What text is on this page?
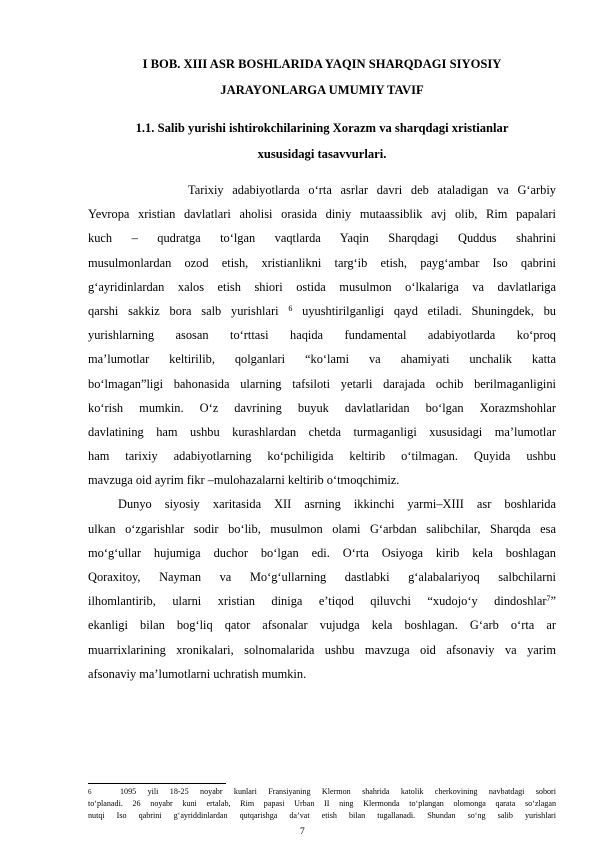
I BOB. XIII ASR BOSHLARIDA YAQIN SHARQDAGI SIYOSIY
JARAYONLARGA UMUMIY TAVIF
1.1. Salib yurishi ishtirokchilarining Xorazm va sharqdagi xristianlar
xususidagi tasavvurlari.
Tarixiy adabiyotlarda o‘rta asrlar davri deb ataladigan va G‘arbiy
Yevropa xristian davlatlari aholisi orasida diniy mutaassiblik avj olib, Rim papalari
kuch – qudratga to‘lgan vaqtlarda Yaqin Sharqdagi Quddus shahrini
musulmonlardan ozod etish, xristianlikni targ‘ib etish, payg‘ambar Iso qabrini
g‘ayridinlardan xalos etish shiori ostida musulmon o‘lkalariga va davlatlariga
qarshi sakkiz bora salb yurishlari $^6$ uyushtirilganligi qayd etiladi. Shuningdek, bu
yurishlarning asosan to‘rttasi haqida fundamental adabiyotlarda ko‘proq
ma’lumotlar keltirilib, qolganlari “ko‘lami va ahamiyati unchalik katta
bo‘lmagan”ligi bahonasida ularning tafsiloti yetarli darajada ochib berilmaganligini
ko‘rish mumkin. O‘z davrining buyuk davlatlaridan bo‘lgan Xorazmshohlar
davlatining ham ushbu kurashlardan chetda turmaganligi xususidagi ma’lumotlar
ham tarixiy adabiyotlarning ko‘pchiligida keltirib o‘tilmagan. Quyida ushbu
mavzuga oid ayrim fikr –mulohazalarni keltirib o‘tmoqchimiz.
Dunyo siyosiy xaritasida XII asrning ikkinchi yarmi–XIII asr boshlarida
ulkan o‘zgarishlar sodir bo‘lib, musulmon olami G‘arbdan salibchilar, Sharqda esa
mo‘g‘ullar hujumiga duchor bo‘lgan edi. O‘rta Osiyoga kirib kela boshlagan
Qoraxitoy, Nayman va Mo‘g‘ullarning dastlabki g‘alabalariyoq salbchilarni
ilhomlantirib, ularni xristian diniga e’tiqod qiluvchi “xudojo‘y dindoshlar$^7$”
ekanligi bilan bog‘liq qator afsonalar vujudga kela boshlagan. G‘arb o‘rta ar
muarrixlarining xronikalari, solnomalarida ushbu mavzuga oid afsonaviy va yarim
afsonaviy ma’lumotlarni uchratish mumkin.
6	1095 yili 18-25 noyabr kunlari Fransiyaning Klermon shahrida katolik cherkovining navbatdagi sobori
to‘planadi. 26 noyabr kuni ertalab, Rim papasi Urban II ning Klermonda to‘plangan olomonga qarata so‘zlagan
nutqi Iso qabrini g‘ayriddinlardan qutqarishga da’vat etish bilan tugallanadi. Shundan so‘ng salib yurishlari
7
